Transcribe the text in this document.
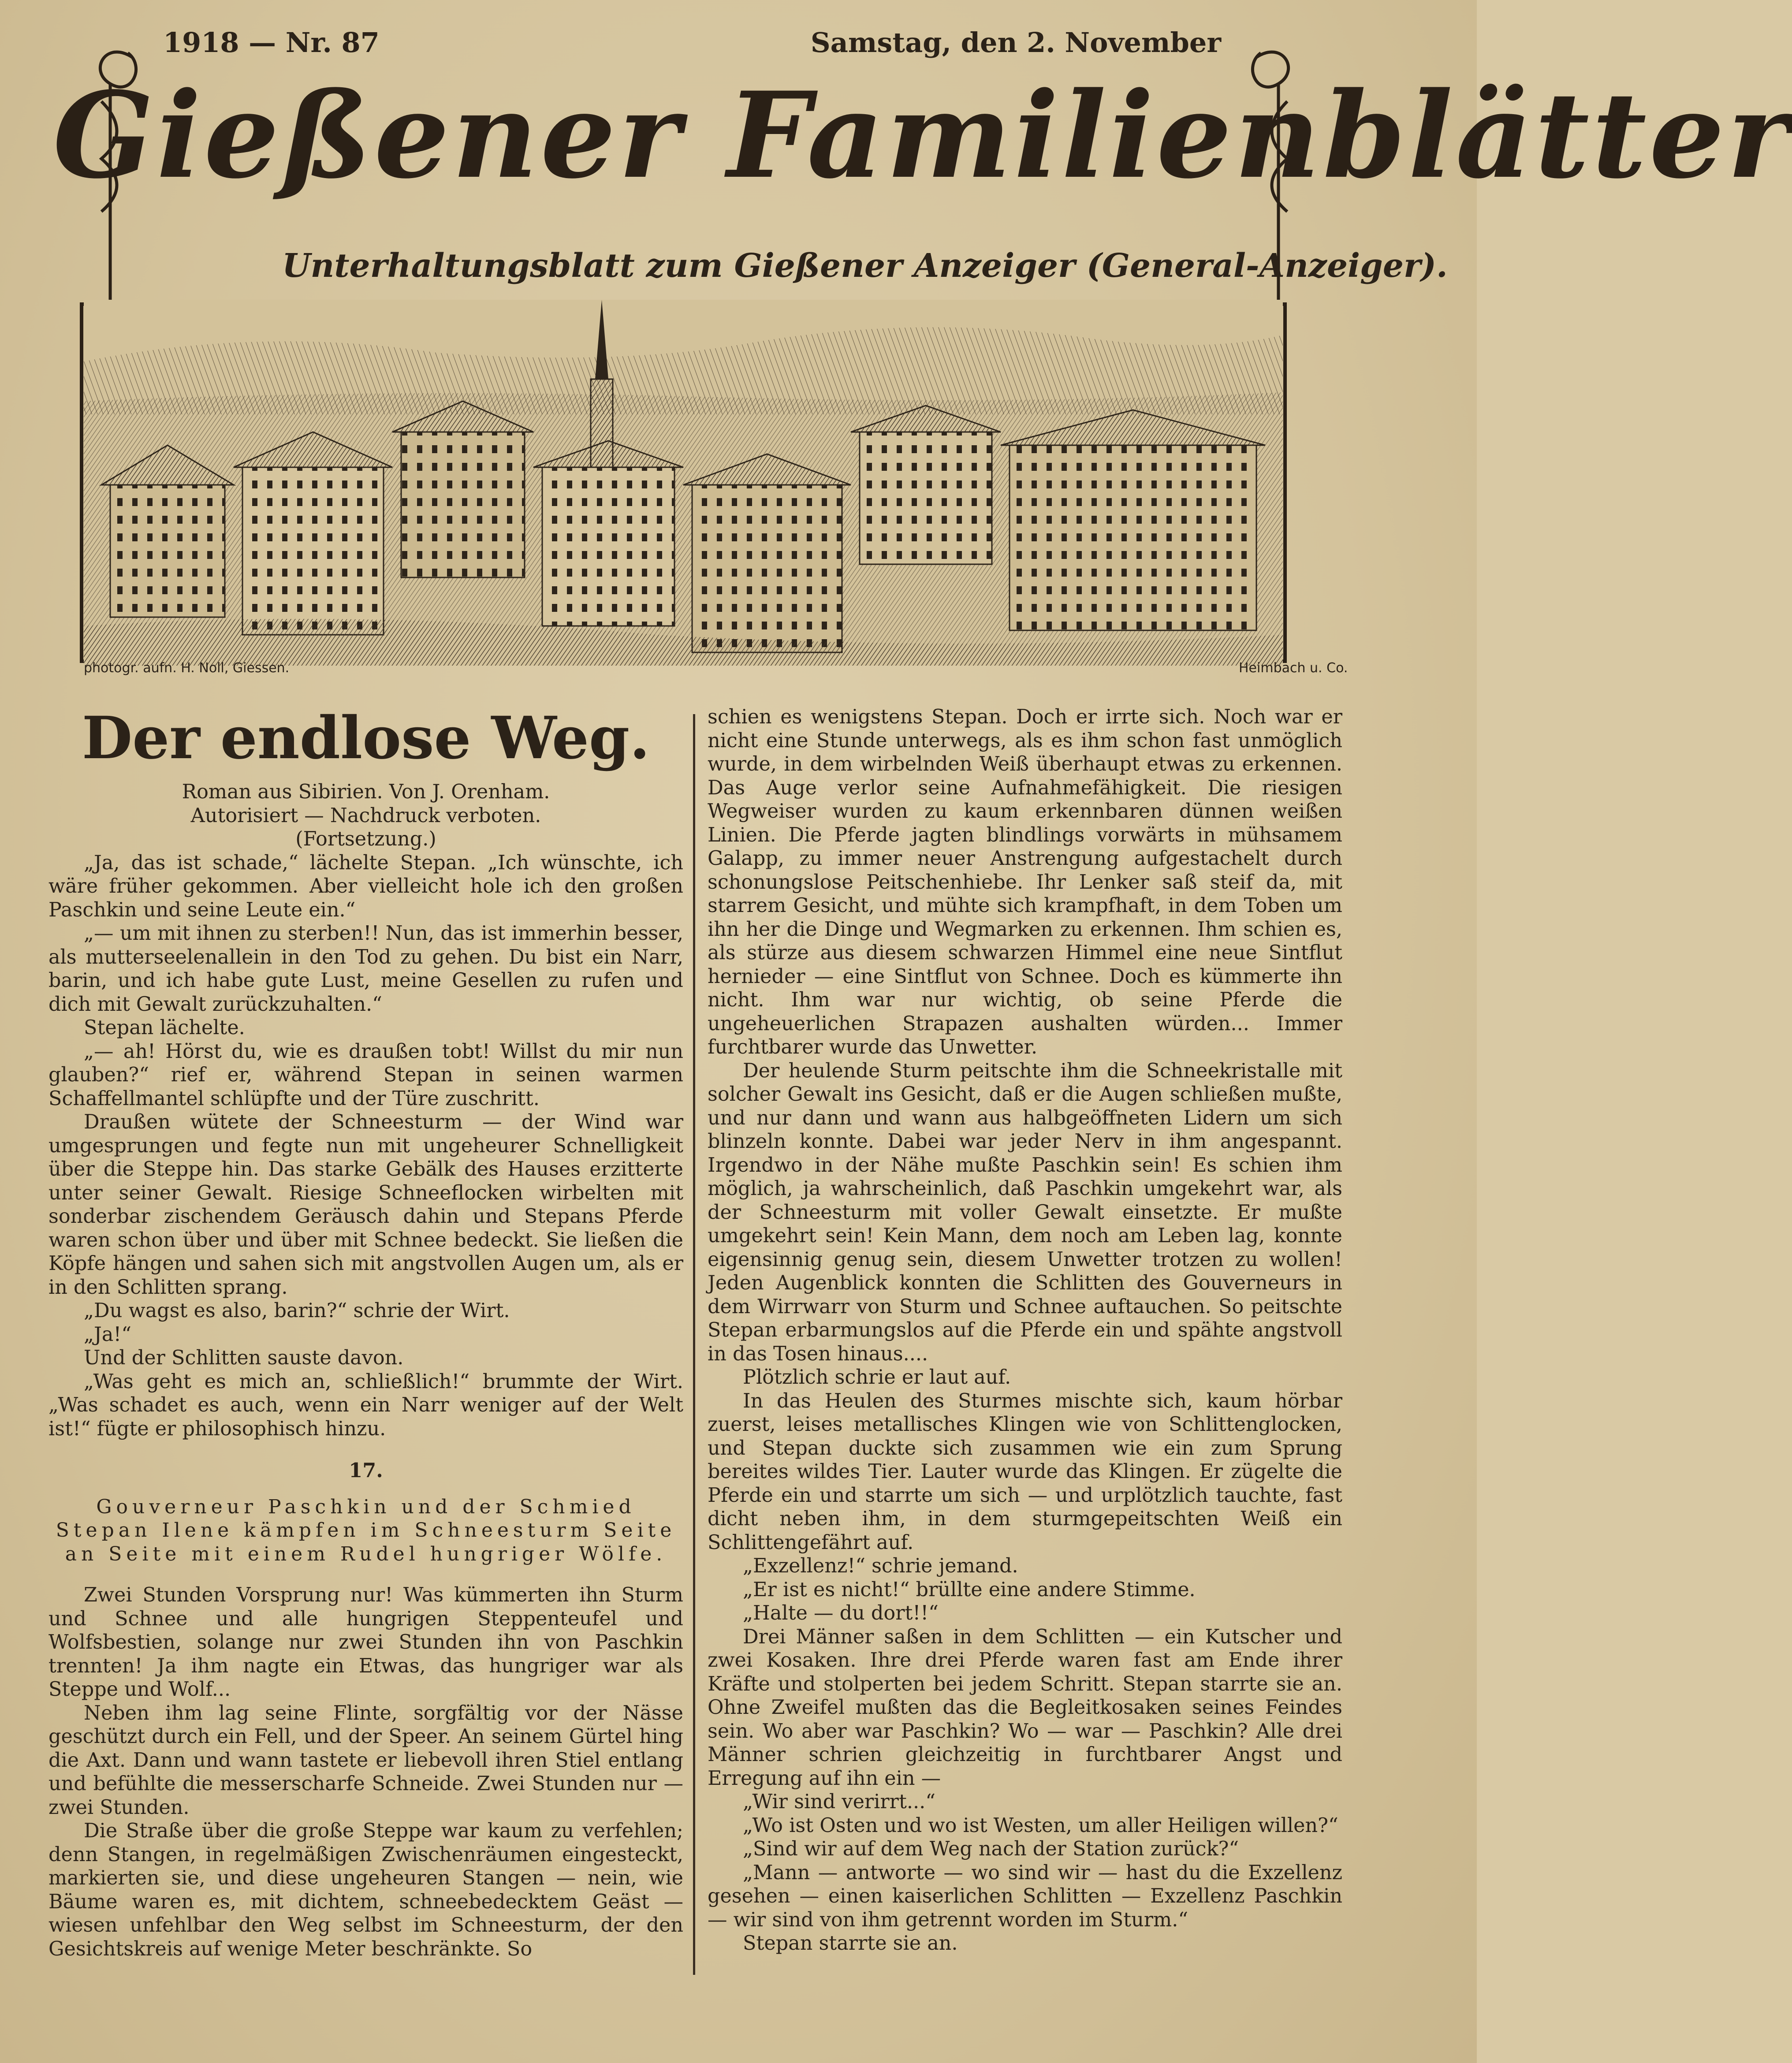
1918 — Nr. 87	Samstag, den 2. November
Gießener Familienblätter
Unterhaltungsblatt zum Gießener Anzeiger (General-Anzeiger).
photogr. aufn. H. Noll, Giessen.	Heimbach u. Co.

Der endlose Weg.

Roman aus Sibirien. Von J. Orenham.

Autorisiert — Nachdruck verboten.

(Fortsetzung.)

„Ja, das ist schade,“ lächelte Stepan. „Ich wünschte, ich wäre früher gekommen. Aber vielleicht hole ich den großen Paschkin und seine Leute ein.“

„— um mit ihnen zu sterben!! Nun, das ist immerhin besser, als mutterseelenallein in den Tod zu gehen. Du bist ein Narr, barin, und ich habe gute Lust, meine Gesellen zu rufen und dich mit Gewalt zurückzuhalten.“

Stepan lächelte.

„— ah! Hörst du, wie es draußen tobt! Willst du mir nun glauben?“ rief er, während Stepan in seinen warmen Schaffellmantel schlüpfte und der Türe zuschritt.

Draußen wütete der Schneesturm — der Wind war umgesprungen und fegte nun mit ungeheurer Schnelligkeit über die Steppe hin. Das starke Gebälk des Hauses erzitterte unter seiner Gewalt. Riesige Schneeflocken wirbelten mit sonderbar zischendem Geräusch dahin und Stepans Pferde waren schon über und über mit Schnee bedeckt. Sie ließen die Köpfe hängen und sahen sich mit angstvollen Augen um, als er in den Schlitten sprang.

„Du wagst es also, barin?“ schrie der Wirt.

„Ja!“

Und der Schlitten sauste davon.

„Was geht es mich an, schließlich!“ brummte der Wirt. „Was schadet es auch, wenn ein Narr weniger auf der Welt ist!“ fügte er philosophisch hinzu.

17.

Gouverneur Paschkin und der Schmied Stepan Ilene kämpfen im Schneesturm Seite an Seite mit einem Rudel hungriger Wölfe.

Zwei Stunden Vorsprung nur! Was kümmerten ihn Sturm und Schnee und alle hungrigen Steppenteufel und Wolfsbestien, solange nur zwei Stunden ihn von Paschkin trennten! Ja ihm nagte ein Etwas, das hungriger war als Steppe und Wolf...

Neben ihm lag seine Flinte, sorgfältig vor der Nässe geschützt durch ein Fell, und der Speer. An seinem Gürtel hing die Axt. Dann und wann tastete er liebevoll ihren Stiel entlang und befühlte die messerscharfe Schneide. Zwei Stunden nur — zwei Stunden.

Die Straße über die große Steppe war kaum zu verfehlen; denn Stangen, in regelmäßigen Zwischenräumen eingesteckt, markierten sie, und diese ungeheuren Stangen — nein, wie Bäume waren es, mit dichtem, schneebedecktem Geäst — wiesen unfehlbar den Weg selbst im Schneesturm, der den Gesichtskreis auf wenige Meter beschränkte. So

schien es wenigstens Stepan. Doch er irrte sich. Noch war er nicht eine Stunde unterwegs, als es ihm schon fast unmöglich wurde, in dem wirbelnden Weiß überhaupt etwas zu erkennen. Das Auge verlor seine Aufnahmefähigkeit. Die riesigen Wegweiser wurden zu kaum erkennbaren dünnen weißen Linien. Die Pferde jagten blindlings vorwärts in mühsamem Galapp, zu immer neuer Anstrengung aufgestachelt durch schonungslose Peitschenhiebe. Ihr Lenker saß steif da, mit starrem Gesicht, und mühte sich krampfhaft, in dem Toben um ihn her die Dinge und Wegmarken zu erkennen. Ihm schien es, als stürze aus diesem schwarzen Himmel eine neue Sintflut hernieder — eine Sintflut von Schnee. Doch es kümmerte ihn nicht. Ihm war nur wichtig, ob seine Pferde die ungeheuerlichen Strapazen aushalten würden... Immer furchtbarer wurde das Unwetter.

Der heulende Sturm peitschte ihm die Schneekristalle mit solcher Gewalt ins Gesicht, daß er die Augen schließen mußte, und nur dann und wann aus halbgeöffneten Lidern um sich blinzeln konnte. Dabei war jeder Nerv in ihm angespannt. Irgendwo in der Nähe mußte Paschkin sein! Es schien ihm möglich, ja wahrscheinlich, daß Paschkin umgekehrt war, als der Schneesturm mit voller Gewalt einsetzte. Er mußte umgekehrt sein! Kein Mann, dem noch am Leben lag, konnte eigensinnig genug sein, diesem Unwetter trotzen zu wollen! Jeden Augenblick konnten die Schlitten des Gouverneurs in dem Wirrwarr von Sturm und Schnee auftauchen. So peitschte Stepan erbarmungslos auf die Pferde ein und spähte angstvoll in das Tosen hinaus....

Plötzlich schrie er laut auf.

In das Heulen des Sturmes mischte sich, kaum hörbar zuerst, leises metallisches Klingen wie von Schlittenglocken, und Stepan duckte sich zusammen wie ein zum Sprung bereites wildes Tier. Lauter wurde das Klingen. Er zügelte die Pferde ein und starrte um sich — und urplötzlich tauchte, fast dicht neben ihm, in dem sturmgepeitschten Weiß ein Schlittengefährt auf.

„Exzellenz!“ schrie jemand.

„Er ist es nicht!“ brüllte eine andere Stimme.

„Halte — du dort!!“

Drei Männer saßen in dem Schlitten — ein Kutscher und zwei Kosaken. Ihre drei Pferde waren fast am Ende ihrer Kräfte und stolperten bei jedem Schritt. Stepan starrte sie an. Ohne Zweifel mußten das die Begleitkosaken seines Feindes sein. Wo aber war Paschkin? Wo — war — Paschkin? Alle drei Männer schrien gleichzeitig in furchtbarer Angst und Erregung auf ihn ein —

„Wir sind verirrt...“

„Wo ist Osten und wo ist Westen, um aller Heiligen willen?“

„Sind wir auf dem Weg nach der Station zurück?“

„Mann — antworte — wo sind wir — hast du die Exzellenz gesehen — einen kaiserlichen Schlitten — Exzellenz Paschkin — wir sind von ihm getrennt worden im Sturm.“

Stepan starrte sie an.
